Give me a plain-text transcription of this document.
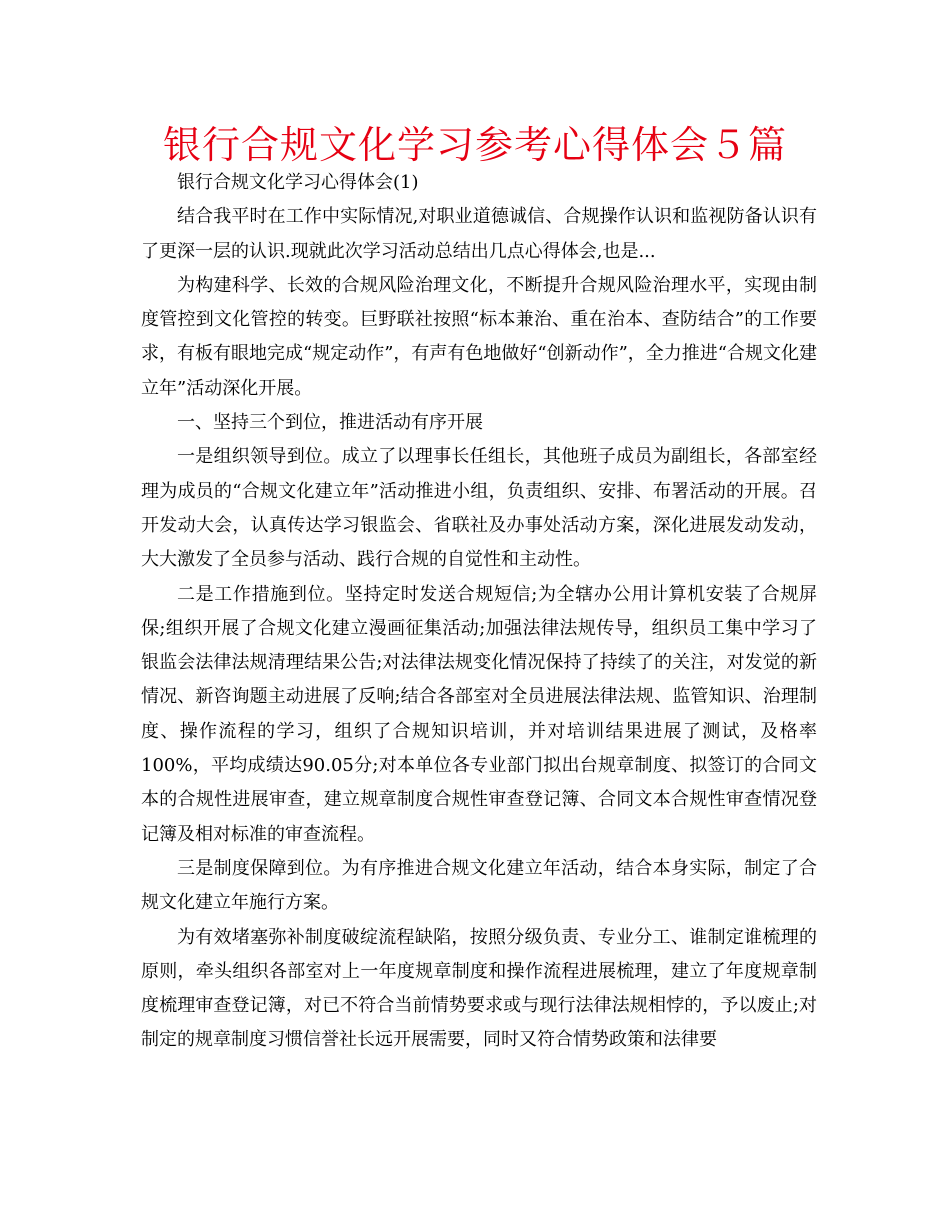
银行合规文化学习参考心得体会５篇

银行合规文化学习心得体会(1)

结合我平时在工作中实际情况,对职业道德诚信、合规操作认识和监视防备认识有了更深一层的认识.现就此次学习活动总结出几点心得体会,也是...

为构建科学、长效的合规风险治理文化，不断提升合规风险治理水平，实现由制度管控到文化管控的转变。巨野联社按照“标本兼治、重在治本、查防结合”的工作要求，有板有眼地完成“规定动作”，有声有色地做好“创新动作”，全力推进“合规文化建立年”活动深化开展。

一、坚持三个到位，推进活动有序开展

一是组织领导到位。成立了以理事长任组长，其他班子成员为副组长，各部室经理为成员的“合规文化建立年”活动推进小组，负责组织、安排、布署活动的开展。召开发动大会，认真传达学习银监会、省联社及办事处活动方案，深化进展发动发动，大大激发了全员参与活动、践行合规的自觉性和主动性。

二是工作措施到位。坚持定时发送合规短信;为全辖办公用计算机安装了合规屏保;组织开展了合规文化建立漫画征集活动;加强法律法规传导，组织员工集中学习了银监会法律法规清理结果公告;对法律法规变化情况保持了持续了的关注，对发觉的新情况、新咨询题主动进展了反响;结合各部室对全员进展法律法规、监管知识、治理制度、操作流程的学习，组织了合规知识培训，并对培训结果进展了测试，及格率100%，平均成绩达90.05分;对本单位各专业部门拟出台规章制度、拟签订的合同文本的合规性进展审查，建立规章制度合规性审查登记簿、合同文本合规性审查情况登记簿及相对标准的审查流程。

三是制度保障到位。为有序推进合规文化建立年活动，结合本身实际，制定了合规文化建立年施行方案。

为有效堵塞弥补制度破绽流程缺陷，按照分级负责、专业分工、谁制定谁梳理的原则，牵头组织各部室对上一年度规章制度和操作流程进展梳理，建立了年度规章制度梳理审查登记簿，对已不符合当前情势要求或与现行法律法规相悖的，予以废止;对制定的规章制度习惯信誉社长远开展需要，同时又符合情势政策和法律要
